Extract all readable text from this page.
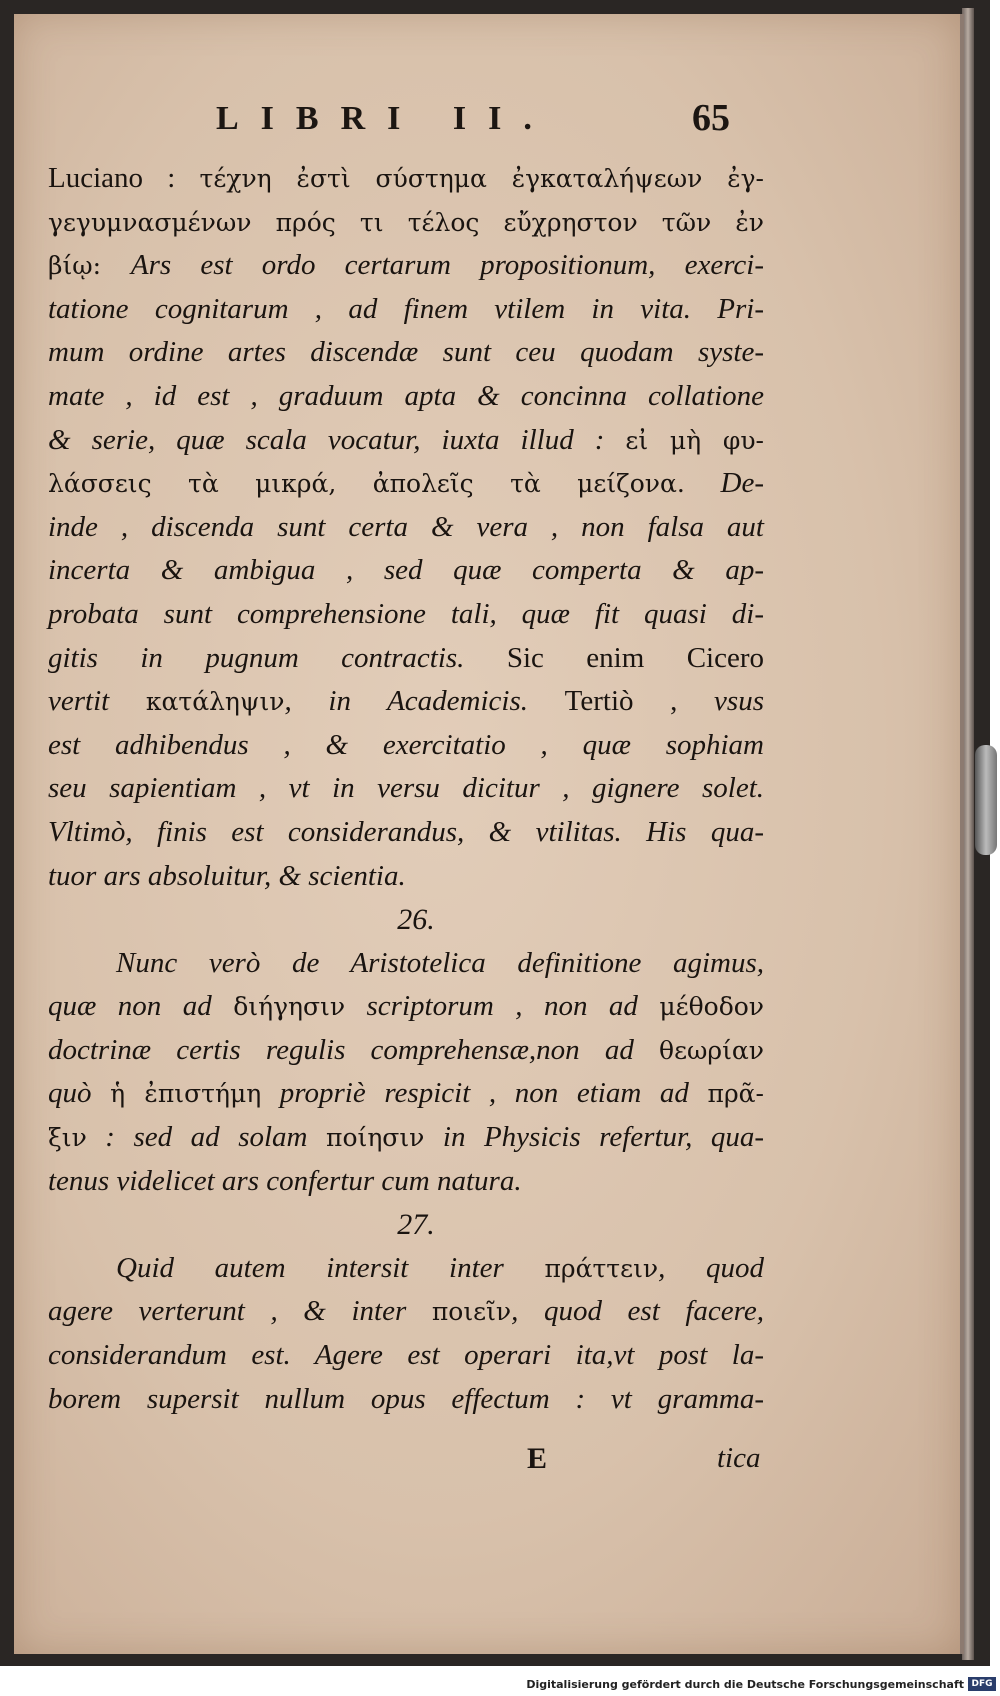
LIBRI II.	65
Luciano : τέχνη ἐστὶ σύστημα ἐγκαταλήψεων ἐγ-
γεγυμνασμένων πρός τι τέλος εὔχρηστον τῶν ἐν
βίῳ: Ars est ordo certarum propositionum, exerci-
tatione cognitarum , ad finem vtilem in vita. Pri-
mum ordine artes discendæ sunt ceu quodam syste-
mate , id est , graduum apta & concinna collatione
& serie, quæ scala vocatur, iuxta illud : εἰ μὴ φυ-
λάσσεις τὰ μικρά, ἀπολεῖς τὰ μείζονα. De-
inde , discenda sunt certa & vera , non falsa aut
incerta & ambigua , sed quæ comperta & ap-
probata sunt comprehensione tali, quæ fit quasi di-
gitis in pugnum contractis. Sic enim Cicero
vertit κατάληψιν, in Academicis. Tertiò , vsus
est adhibendus , & exercitatio , quæ sophiam
seu sapientiam , vt in versu dicitur , gignere solet.
Vltimò, finis est considerandus, & vtilitas. His qua-
tuor ars absoluitur, & scientia.
26.
Nunc verò de Aristotelica definitione agimus,
quæ non ad διήγησιν scriptorum , non ad μέθοδον
doctrinæ certis regulis comprehensæ,non ad θεωρίαν
quò ἡ ἐπιστήμη propriè respicit , non etiam ad πρᾶ-
ξιν : sed ad solam ποίησιν in Physicis refertur, qua-
tenus videlicet ars confertur cum natura.
27.
Quid autem intersit inter πράττειν, quod
agere verterunt , & inter ποιεῖν, quod est facere,
considerandum est. Agere est operari ita,vt post la-
borem supersit nullum opus effectum : vt gramma-
E	tica
Digitalisierung gefördert durch die Deutsche Forschungsgemeinschaft DFG
